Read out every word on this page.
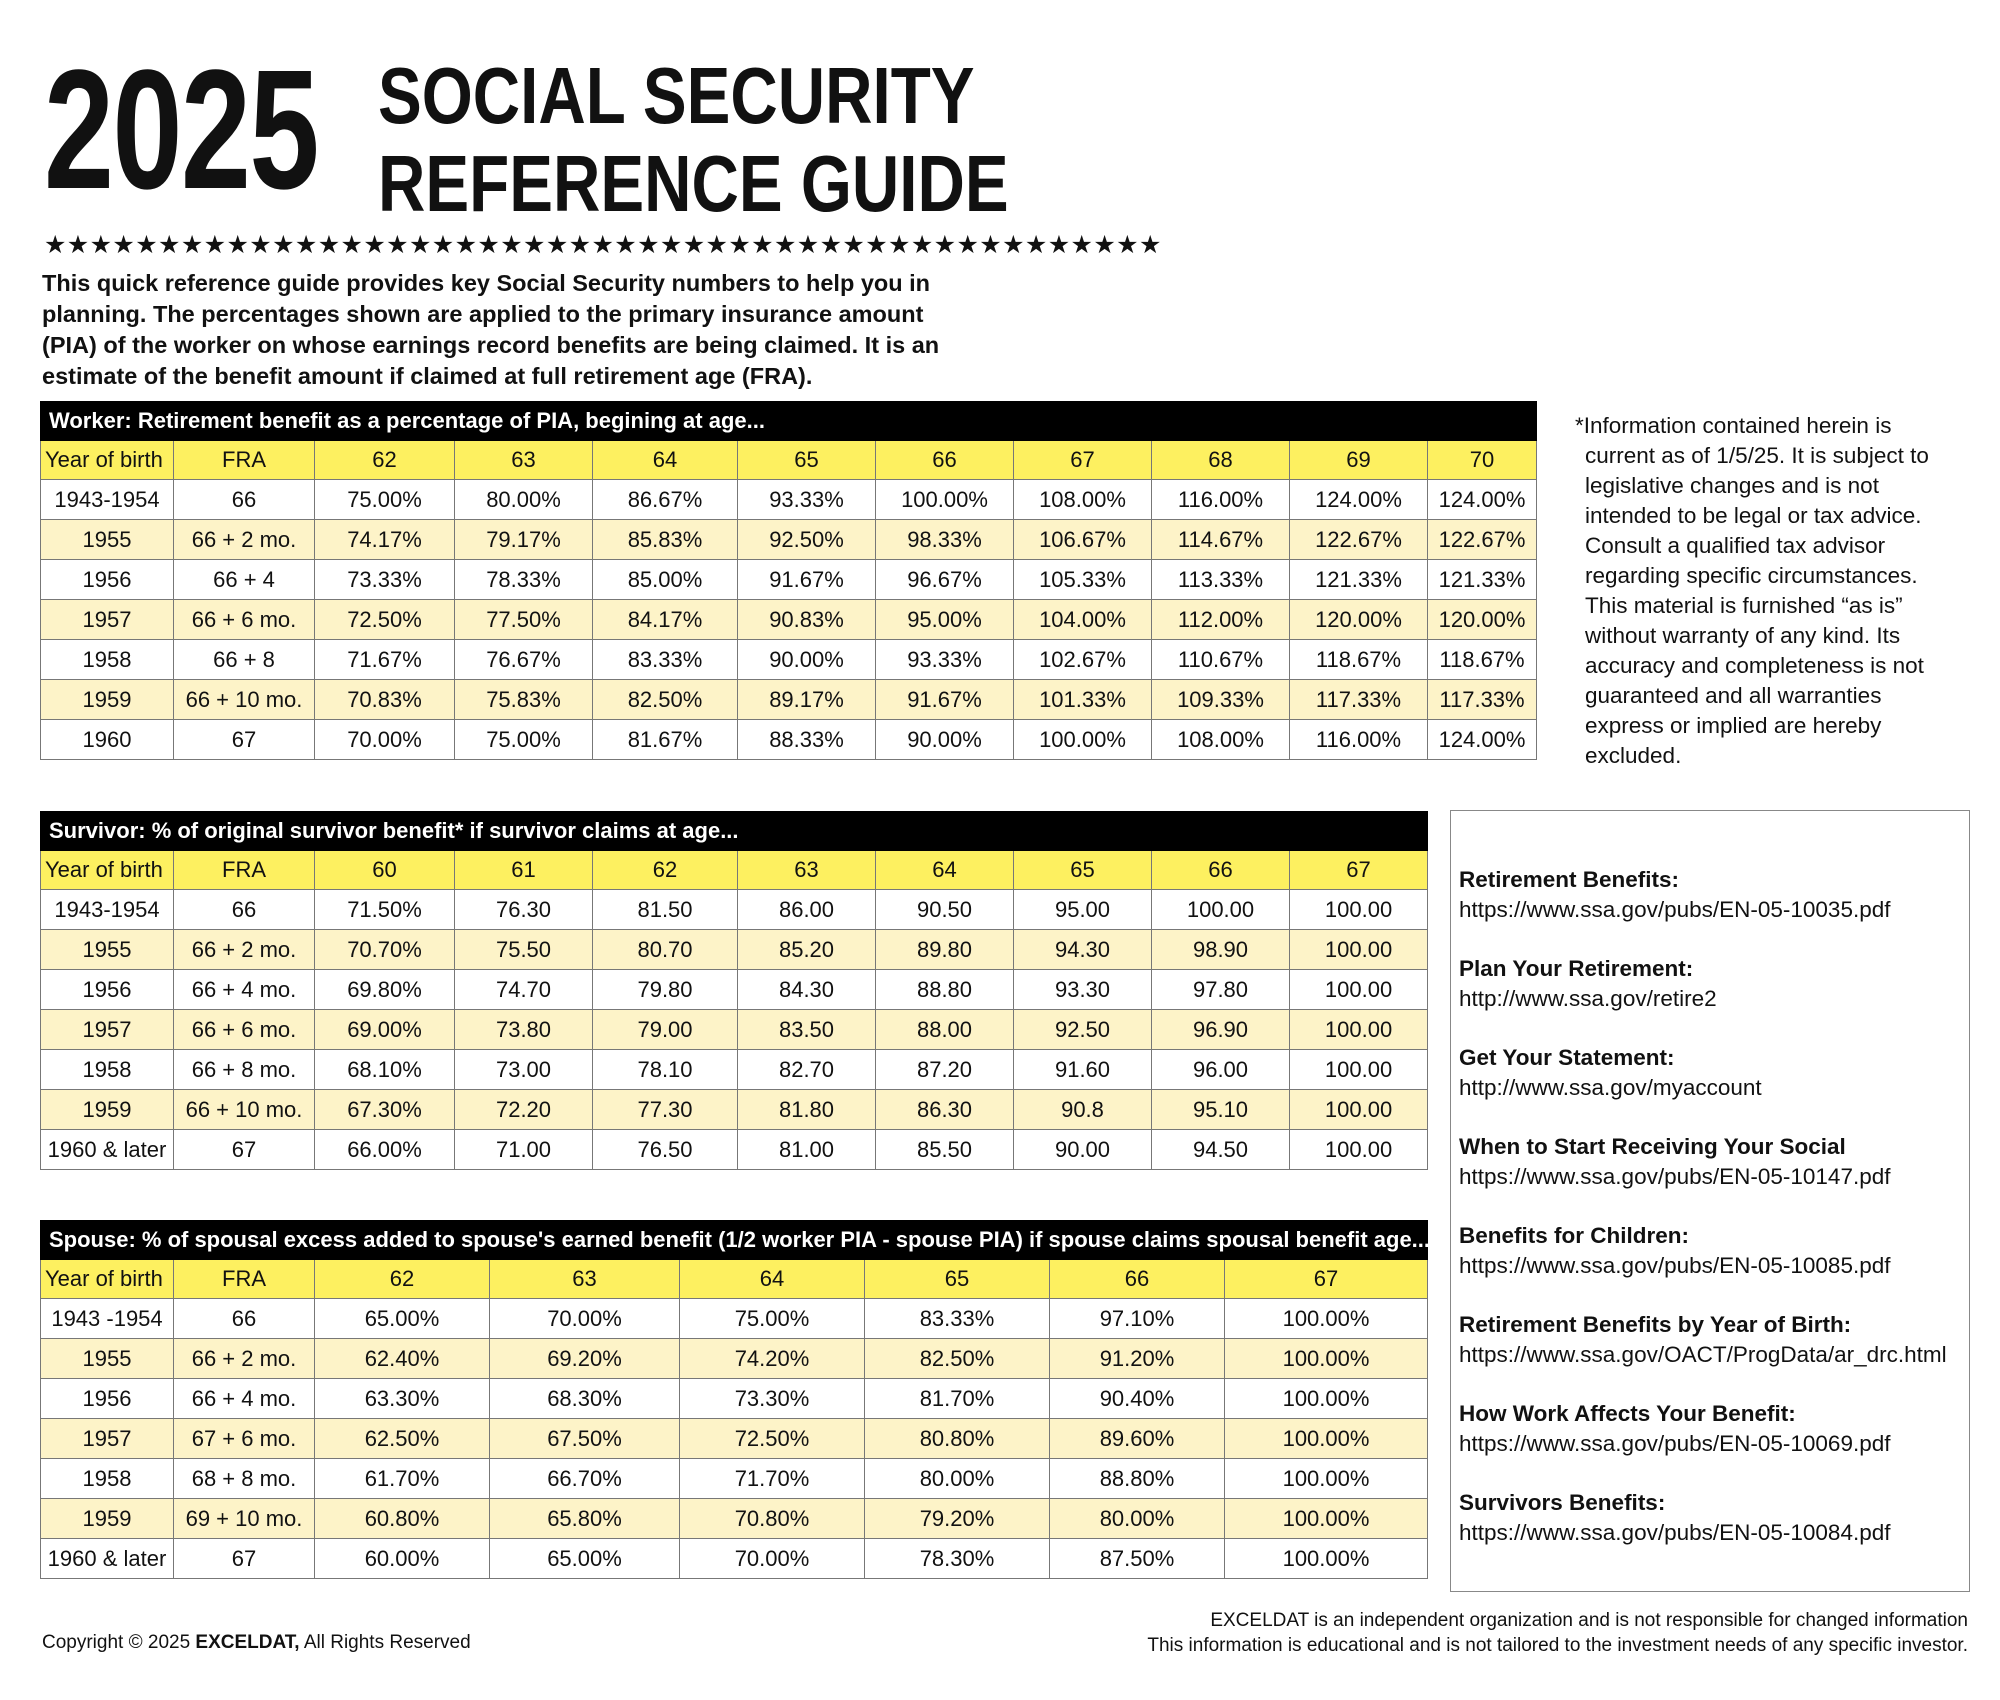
2025 SOCIAL SECURITY
REFERENCE GUIDE
★★★★★★★★★★★★★★★★★★★★★★★★★★★★★★★★★★★★★★★★★★★★★★★★★
This quick reference guide provides key Social Security numbers to help you in planning. The percentages shown are applied to the primary insurance amount (PIA) of the worker on whose earnings record benefits are being claimed. It is an estimate of the benefit amount if claimed at full retirement age (FRA).
Worker: Retirement benefit as a percentage of PIA, begining at age...										
Year of birth	FRA	62	63	64	65	66	67	68	69	70
1943-1954	66	75.00%	80.00%	86.67%	93.33%	100.00%	108.00%	116.00%	124.00%	124.00%
1955	66 + 2 mo.	74.17%	79.17%	85.83%	92.50%	98.33%	106.67%	114.67%	122.67%	122.67%
1956	66 + 4	73.33%	78.33%	85.00%	91.67%	96.67%	105.33%	113.33%	121.33%	121.33%
1957	66 + 6 mo.	72.50%	77.50%	84.17%	90.83%	95.00%	104.00%	112.00%	120.00%	120.00%
1958	66 + 8	71.67%	76.67%	83.33%	90.00%	93.33%	102.67%	110.67%	118.67%	118.67%
1959	66 + 10 mo.	70.83%	75.83%	82.50%	89.17%	91.67%	101.33%	109.33%	117.33%	117.33%
1960	67	70.00%	75.00%	81.67%	88.33%	90.00%	100.00%	108.00%	116.00%	124.00%
Survivor: % of original survivor benefit* if survivor claims at age...									
Year of birth	FRA	60	61	62	63	64	65	66	67
1943-1954	66	71.50%	76.30	81.50	86.00	90.50	95.00	100.00	100.00
1955	66 + 2 mo.	70.70%	75.50	80.70	85.20	89.80	94.30	98.90	100.00
1956	66 + 4 mo.	69.80%	74.70	79.80	84.30	88.80	93.30	97.80	100.00
1957	66 + 6 mo.	69.00%	73.80	79.00	83.50	88.00	92.50	96.90	100.00
1958	66 + 8 mo.	68.10%	73.00	78.10	82.70	87.20	91.60	96.00	100.00
1959	66 + 10 mo.	67.30%	72.20	77.30	81.80	86.30	90.8	95.10	100.00
1960 & later	67	66.00%	71.00	76.50	81.00	85.50	90.00	94.50	100.00
Spouse: % of spousal excess added to spouse's earned benefit (1/2 worker PIA - spouse PIA) if spouse claims spousal benefit age...							
Year of birth	FRA	62	63	64	65	66	67
1943 -1954	66	65.00%	70.00%	75.00%	83.33%	97.10%	100.00%
1955	66 + 2 mo.	62.40%	69.20%	74.20%	82.50%	91.20%	100.00%
1956	66 + 4 mo.	63.30%	68.30%	73.30%	81.70%	90.40%	100.00%
1957	67 + 6 mo.	62.50%	67.50%	72.50%	80.80%	89.60%	100.00%
1958	68 + 8 mo.	61.70%	66.70%	71.70%	80.00%	88.80%	100.00%
1959	69 + 10 mo.	60.80%	65.80%	70.80%	79.20%	80.00%	100.00%
1960 & later	67	60.00%	65.00%	70.00%	78.30%	87.50%	100.00%
*Information contained herein is
current as of 1/5/25. It is subject to
legislative changes and is not
intended to be legal or tax advice.
Consult a qualified tax advisor
regarding specific circumstances.
This material is furnished “as is”
without warranty of any kind. Its
accuracy and completeness is not
guaranteed and all warranties
express or implied are hereby
excluded.
Retirement Benefits:
https://www.ssa.gov/pubs/EN-05-10035.pdf
Plan Your Retirement:
http://www.ssa.gov/retire2
Get Your Statement:
http://www.ssa.gov/myaccount
When to Start Receiving Your Social
https://www.ssa.gov/pubs/EN-05-10147.pdf
Benefits for Children:
https://www.ssa.gov/pubs/EN-05-10085.pdf
Retirement Benefits by Year of Birth:
https://www.ssa.gov/OACT/ProgData/ar_drc.html
How Work Affects Your Benefit:
https://www.ssa.gov/pubs/EN-05-10069.pdf
Survivors Benefits:
https://www.ssa.gov/pubs/EN-05-10084.pdf
Copyright © 2025 EXCELDAT, All Rights Reserved
EXCELDAT is an independent organization and is not responsible for changed information
This information is educational and is not tailored to the investment needs of any specific investor.
